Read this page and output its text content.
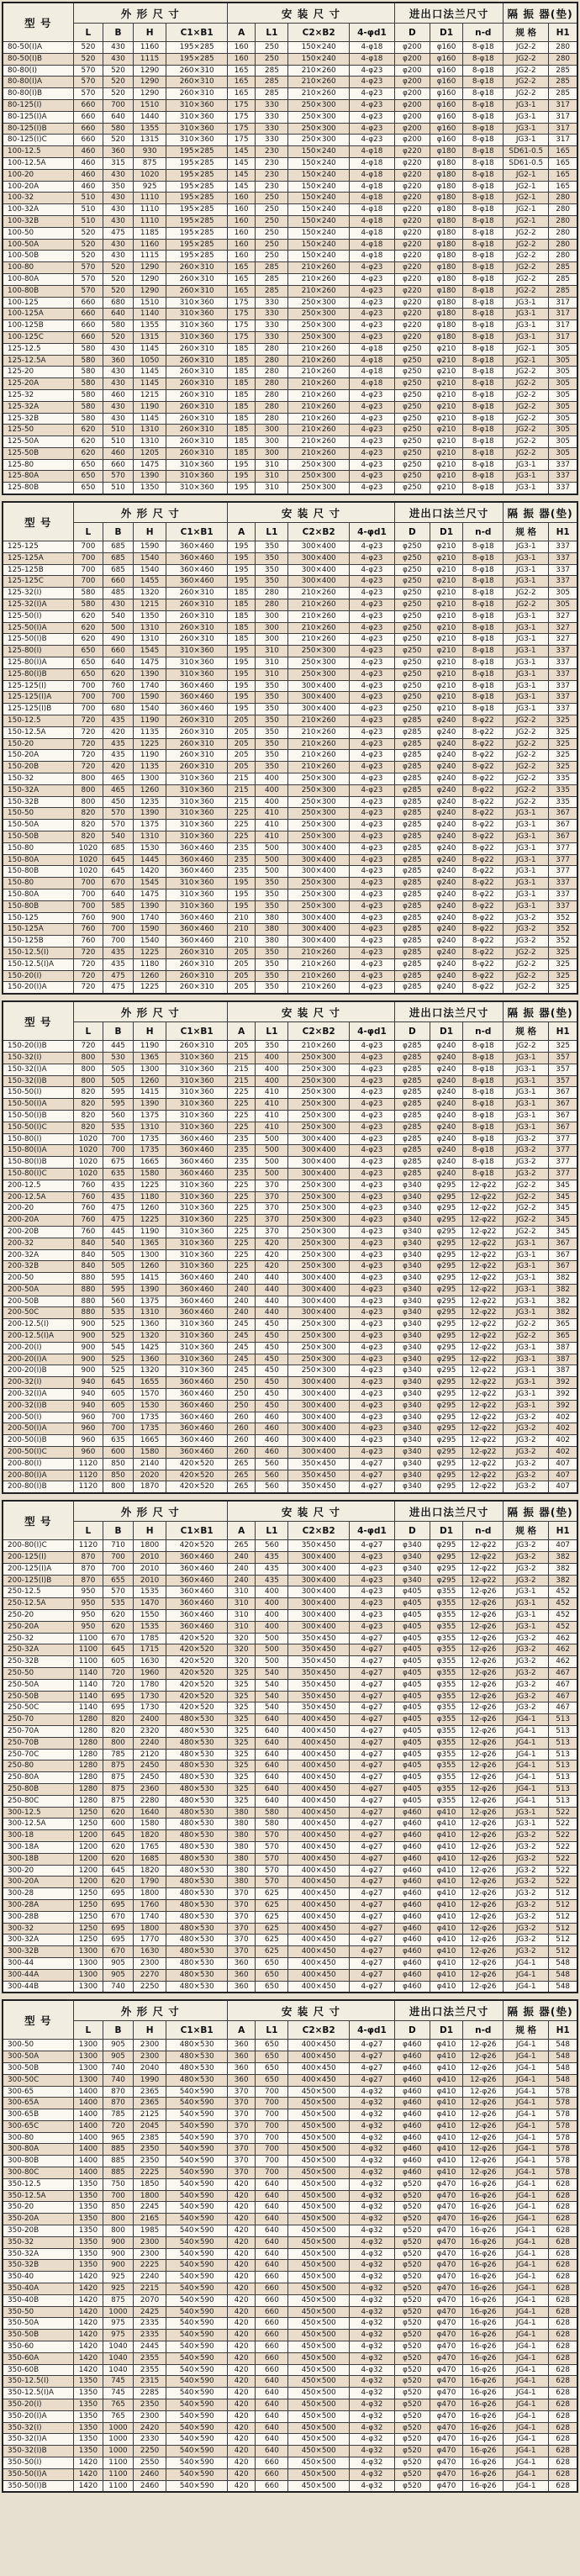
型 号	外 形 尺 寸				安 装 尺 寸				进出口法兰尺寸			隔 振 器(垫)	
	L	B	H	C1×B1	A	L1	C2×B2	4-φd1	D	D1	n-d	规 格	H1
80-50(I)A	520	430	1160	195×285	160	250	150×240	4-φ18	φ200	φ160	8-φ18	JG2-2	280
80-50(I)B	520	430	1115	195×285	160	250	150×240	4-φ18	φ200	φ160	8-φ18	JG2-2	280
80-80(I)	570	520	1290	260×310	165	285	210×260	4-φ23	φ200	φ160	8-φ18	JG2-2	285
80-80(I)A	570	520	1290	260×310	165	285	210×260	4-φ23	φ200	φ160	8-φ18	JG2-2	285
80-80(I)B	570	520	1290	260×310	165	285	210×260	4-φ23	φ200	φ160	8-φ18	JG2-2	285
80-125(I)	660	700	1510	310×360	175	330	250×300	4-φ23	φ200	φ160	8-φ18	JG3-1	317
80-125(I)A	660	640	1440	310×360	175	330	250×300	4-φ23	φ200	φ160	8-φ18	JG3-1	317
80-125(I)B	660	580	1355	310×360	175	330	250×300	4-φ23	φ200	φ160	8-φ18	JG3-1	317
80-125(I)C	660	520	1315	310×360	175	330	250×300	4-φ23	φ200	φ160	8-φ18	JG3-1	317
100-12.5	460	360	930	195×285	145	230	150×240	4-φ18	φ220	φ180	8-φ18	SD61-0.5	165
100-12.5A	460	315	875	195×285	145	230	150×240	4-φ18	φ220	φ180	8-φ18	SD61-0.5	165
100-20	460	430	1020	195×285	145	230	150×240	4-φ18	φ220	φ180	8-φ18	JG2-1	165
100-20A	460	350	925	195×285	145	230	150×240	4-φ18	φ220	φ180	8-φ18	JG2-1	165
100-32	510	430	1110	195×285	160	250	150×240	4-φ18	φ220	φ180	8-φ18	JG2-1	280
100-32A	510	430	1110	195×285	160	250	150×240	4-φ18	φ220	φ180	8-φ18	JG2-1	280
100-32B	510	430	1110	195×285	160	250	150×240	4-φ18	φ220	φ180	8-φ18	JG2-1	280
100-50	520	475	1185	195×285	160	250	150×240	4-φ18	φ220	φ180	8-φ18	JG2-2	280
100-50A	520	430	1160	195×285	160	250	150×240	4-φ18	φ220	φ180	8-φ18	JG2-2	280
100-50B	520	430	1115	195×285	160	250	150×240	4-φ18	φ220	φ180	8-φ18	JG2-2	280
100-80	570	520	1290	260×310	165	285	210×260	4-φ23	φ220	φ180	8-φ18	JG2-2	285
100-80A	570	520	1290	260×310	165	285	210×260	4-φ23	φ220	φ180	8-φ18	JG2-2	285
100-80B	570	520	1290	260×310	165	285	210×260	4-φ23	φ220	φ180	8-φ18	JG2-2	285
100-125	660	680	1510	310×360	175	330	250×300	4-φ23	φ220	φ180	8-φ18	JG3-1	317
100-125A	660	640	1140	310×360	175	330	250×300	4-φ23	φ220	φ180	8-φ18	JG3-1	317
100-125B	660	580	1355	310×360	175	330	250×300	4-φ23	φ220	φ180	8-φ18	JG3-1	317
100-125C	660	520	1315	310×360	175	330	250×300	4-φ23	φ220	φ180	8-φ18	JG3-1	317
125-12.5	580	430	1145	260×310	185	280	210×260	4-φ18	φ250	φ210	8-φ18	JG2-1	305
125-12.5A	580	360	1050	260×310	185	280	210×260	4-φ18	φ250	φ210	8-φ18	JG2-1	305
125-20	580	430	1145	260×310	185	280	210×260	4-φ18	φ250	φ210	8-φ18	JG2-2	305
125-20A	580	430	1145	260×310	185	280	210×260	4-φ18	φ250	φ210	8-φ18	JG2-2	305
125-32	580	460	1215	260×310	185	280	210×260	4-φ23	φ250	φ210	8-φ18	JG2-2	305
125-32A	580	430	1190	260×310	185	280	210×260	4-φ23	φ250	φ210	8-φ18	JG2-2	305
125-32B	580	430	1145	260×310	185	280	210×260	4-φ23	φ250	φ210	8-φ18	JG2-2	305
125-50	620	510	1310	260×310	185	300	210×260	4-φ23	φ250	φ210	8-φ18	JG2-2	305
125-50A	620	510	1310	260×310	185	300	210×260	4-φ23	φ250	φ210	8-φ18	JG2-2	305
125-50B	620	460	1205	260×310	185	300	210×260	4-φ23	φ250	φ210	8-φ18	JG2-2	305
125-80	650	660	1475	310×360	195	310	250×300	4-φ23	φ250	φ210	8-φ18	JG3-1	337
125-80A	650	570	1390	310×360	195	310	250×300	4-φ23	φ250	φ210	8-φ18	JG3-1	337
125-80B	650	510	1350	310×360	195	310	250×300	4-φ23	φ250	φ210	8-φ18	JG3-1	337
型 号	外 形 尺 寸				安 装 尺 寸				进出口法兰尺寸			隔 振 器(垫)	
	L	B	H	C1×B1	A	L1	C2×B2	4-φd1	D	D1	n-d	规 格	H1
125-125	700	685	1590	360×460	195	350	300×400	4-φ23	φ250	φ210	8-φ18	JG3-1	337
125-125A	700	685	1540	360×460	195	350	300×400	4-φ23	φ250	φ210	8-φ18	JG3-1	337
125-125B	700	685	1540	360×460	195	350	300×400	4-φ23	φ250	φ210	8-φ18	JG3-1	337
125-125C	700	660	1455	360×460	195	350	300×400	4-φ23	φ250	φ210	8-φ18	JG3-1	337
125-32(I)	580	485	1320	260×310	185	280	210×260	4-φ23	φ250	φ210	8-φ18	JG2-2	305
125-32(I)A	580	430	1215	260×310	185	280	210×260	4-φ23	φ250	φ210	8-φ18	JG2-2	305
125-50(I)	620	540	1350	260×310	185	300	210×260	4-φ23	φ250	φ210	8-φ18	JG3-1	327
125-50(I)A	620	500	1310	260×310	185	300	210×260	4-φ23	φ250	φ210	8-φ18	JG3-1	327
125-50(I)B	620	490	1310	260×310	185	300	210×260	4-φ23	φ250	φ210	8-φ18	JG3-1	327
125-80(I)	650	660	1545	310×360	195	310	250×300	4-φ23	φ250	φ210	8-φ18	JG3-1	337
125-80(I)A	650	640	1475	310×360	195	310	250×300	4-φ23	φ250	φ210	8-φ18	JG3-1	337
125-80(I)B	650	620	1390	310×360	195	310	250×300	4-φ23	φ250	φ210	8-φ18	JG3-1	337
125-125(I)	700	760	1740	360×460	195	350	300×400	4-φ23	φ250	φ210	8-φ18	JG3-1	337
125-125(I)A	700	700	1590	360×460	195	350	300×400	4-φ23	φ250	φ210	8-φ18	JG3-1	337
125-125(I)B	700	680	1540	360×460	195	350	300×400	4-φ23	φ250	φ210	8-φ18	JG3-1	337
150-12.5	720	435	1190	260×310	205	350	210×260	4-φ23	φ285	φ240	8-φ22	JG2-2	325
150-12.5A	720	420	1135	260×310	205	350	210×260	4-φ23	φ285	φ240	8-φ22	JG2-2	325
150-20	720	435	1225	260×310	205	350	210×260	4-φ23	φ285	φ240	8-φ22	JG2-2	325
150-20A	720	435	1190	260×310	205	350	210×260	4-φ23	φ285	φ240	8-φ22	JG2-2	325
150-20B	720	420	1135	260×310	205	350	210×260	4-φ23	φ285	φ240	8-φ22	JG2-2	325
150-32	800	465	1300	310×360	215	400	250×300	4-φ23	φ285	φ240	8-φ22	JG2-2	335
150-32A	800	465	1260	310×360	215	400	250×300	4-φ23	φ285	φ240	8-φ22	JG2-2	335
150-32B	800	450	1235	310×360	215	400	250×300	4-φ23	φ285	φ240	8-φ22	JG2-2	335
150-50	820	570	1390	310×360	225	410	250×300	4-φ23	φ285	φ240	8-φ22	JG3-1	367
150-50A	820	570	1375	310×360	225	410	250×300	4-φ23	φ285	φ240	8-φ22	JG3-1	367
150-50B	820	540	1310	310×360	225	410	250×300	4-φ23	φ285	φ240	8-φ22	JG3-1	367
150-80	1020	685	1530	360×460	235	500	300×400	4-φ23	φ285	φ240	8-φ22	JG3-1	377
150-80A	1020	645	1445	360×460	235	500	300×400	4-φ23	φ285	φ240	8-φ22	JG3-1	377
150-80B	1020	645	1420	360×460	235	500	300×400	4-φ23	φ285	φ240	8-φ22	JG3-1	377
150-80	700	670	1545	310×360	195	350	250×300	4-φ23	φ285	φ240	8-φ22	JG3-1	337
150-80A	700	640	1475	310×360	195	350	250×300	4-φ23	φ285	φ240	8-φ22	JG3-1	337
150-80B	700	585	1390	310×360	195	350	250×300	4-φ23	φ285	φ240	8-φ22	JG3-1	337
150-125	760	900	1740	360×460	210	380	300×400	4-φ23	φ285	φ240	8-φ22	JG3-2	352
150-125A	760	700	1590	360×460	210	380	300×400	4-φ23	φ285	φ240	8-φ22	JG3-2	352
150-125B	760	700	1540	360×460	210	380	300×400	4-φ23	φ285	φ240	8-φ22	JG3-2	352
150-12.5(I)	720	435	1225	260×310	205	350	210×260	4-φ23	φ285	φ240	8-φ22	JG2-2	325
150-12.5(I)A	720	435	1180	260×310	205	350	210×260	4-φ23	φ285	φ240	8-φ22	JG2-2	325
150-20(I)	720	475	1260	260×310	205	350	210×260	4-φ23	φ285	φ240	8-φ22	JG2-2	325
150-20(I)A	720	475	1225	260×310	205	350	210×260	4-φ23	φ285	φ240	8-φ22	JG2-2	325
型 号	外 形 尺 寸				安 装 尺 寸				进出口法兰尺寸			隔 振 器(垫)	
	L	B	H	C1×B1	A	L1	C2×B2	4-φd1	D	D1	n-d	规 格	H1
150-20(I)B	720	445	1190	260×310	205	350	210×260	4-φ23	φ285	φ240	8-φ18	JG2-2	325
150-32(I)	800	530	1365	310×360	215	400	250×300	4-φ23	φ285	φ240	8-φ18	JG3-1	357
150-32(I)A	800	505	1300	310×360	215	400	250×300	4-φ23	φ285	φ240	8-φ18	JG3-1	357
150-32(I)B	800	505	1260	310×360	215	400	250×300	4-φ23	φ285	φ240	8-φ18	JG3-1	357
150-50(I)	820	595	1415	310×360	225	410	250×300	4-φ23	φ285	φ240	8-φ18	JG3-1	367
150-50(I)A	820	595	1390	310×360	225	410	250×300	4-φ23	φ285	φ240	8-φ18	JG3-1	367
150-50(I)B	820	560	1375	310×360	225	410	250×300	4-φ23	φ285	φ240	8-φ18	JG3-1	367
150-50(I)C	820	535	1310	310×360	225	410	250×300	4-φ23	φ285	φ240	8-φ18	JG3-1	367
150-80(I)	1020	700	1735	360×460	235	500	300×400	4-φ23	φ285	φ240	8-φ18	JG3-2	377
150-80(I)A	1020	700	1735	360×460	235	500	300×400	4-φ23	φ285	φ240	8-φ18	JG3-2	377
150-80(I)B	1020	675	1665	360×460	235	500	300×400	4-φ23	φ285	φ240	8-φ18	JG3-2	377
150-80(I)C	1020	635	1580	360×460	235	500	300×400	4-φ23	φ285	φ240	8-φ18	JG3-2	377
200-12.5	760	435	1225	310×360	225	370	250×300	4-φ23	φ340	φ295	12-φ22	JG2-2	345
200-12.5A	760	435	1180	310×360	225	370	250×300	4-φ23	φ340	φ295	12-φ22	JG2-2	345
200-20	760	475	1260	310×360	225	370	250×300	4-φ23	φ340	φ295	12-φ22	JG2-2	345
200-20A	760	475	1225	310×360	225	370	250×300	4-φ23	φ340	φ295	12-φ22	JG2-2	345
200-20B	760	445	1190	310×360	225	370	250×300	4-φ23	φ340	φ295	12-φ22	JG2-2	345
200-32	840	540	1365	310×360	225	420	250×300	4-φ23	φ340	φ295	12-φ22	JG3-1	367
200-32A	840	505	1300	310×360	225	420	250×300	4-φ23	φ340	φ295	12-φ22	JG3-1	367
200-32B	840	505	1260	310×360	225	420	250×300	4-φ23	φ340	φ295	12-φ22	JG3-1	367
200-50	880	595	1415	360×460	240	440	300×400	4-φ23	φ340	φ295	12-φ22	JG3-1	382
200-50A	880	595	1390	360×460	240	440	300×400	4-φ23	φ340	φ295	12-φ22	JG3-1	382
200-50B	880	560	1375	360×460	240	440	300×400	4-φ23	φ340	φ295	12-φ22	JG3-1	382
200-50C	880	535	1310	360×460	240	440	300×400	4-φ23	φ340	φ295	12-φ22	JG3-1	382
200-12.5(I)	900	525	1360	310×360	245	450	250×300	4-φ23	φ340	φ295	12-φ22	JG2-2	365
200-12.5(I)A	900	525	1320	310×360	245	450	250×300	4-φ23	φ340	φ295	12-φ22	JG2-2	365
200-20(I)	900	545	1425	310×360	245	450	250×300	4-φ23	φ340	φ295	12-φ22	JG3-1	387
200-20(I)A	900	525	1360	310×360	245	450	250×300	4-φ23	φ340	φ295	12-φ22	JG3-1	387
200-20(I)B	900	525	1320	310×360	245	450	250×300	4-φ23	φ340	φ295	12-φ22	JG3-1	387
200-32(I)	940	645	1655	360×460	250	450	300×400	4-φ23	φ340	φ295	12-φ22	JG3-1	392
200-32(I)A	940	605	1570	360×460	250	450	300×400	4-φ23	φ340	φ295	12-φ22	JG3-1	392
200-32(I)B	940	605	1530	360×460	250	450	300×400	4-φ23	φ340	φ295	12-φ22	JG3-1	392
200-50(I)	960	700	1735	360×460	260	460	300×400	4-φ23	φ340	φ295	12-φ22	JG3-2	402
200-50(I)A	960	700	1735	360×460	260	460	300×400	4-φ23	φ340	φ295	12-φ22	JG3-2	402
200-50(I)B	960	635	1665	360×460	260	460	300×400	4-φ23	φ340	φ295	12-φ22	JG3-2	402
200-50(I)C	960	600	1580	360×460	260	460	300×400	4-φ23	φ340	φ295	12-φ22	JG3-2	402
200-80(I)	1120	850	2140	420×520	265	560	350×450	4-φ27	φ340	φ295	12-φ22	JG3-2	407
200-80(I)A	1120	850	2020	420×520	265	560	350×450	4-φ27	φ340	φ295	12-φ22	JG3-2	407
200-80(I)B	1120	800	1870	420×520	265	560	350×450	4-φ27	φ340	φ295	12-φ22	JG3-2	407
型 号	外 形 尺 寸				安 装 尺 寸				进出口法兰尺寸			隔 振 器(垫)	
	L	B	H	C1×B1	A	L1	C2×B2	4-φd1	D	D1	n-d	规 格	H1
200-80(I)C	1120	710	1800	420×520	265	560	350×450	4-φ27	φ340	φ295	12-φ22	JG3-2	407
200-125(I)	870	700	2010	360×460	240	435	300×400	4-φ23	φ340	φ295	12-φ22	JG3-2	382
200-125(I)A	870	700	2010	360×460	240	435	300×400	4-φ23	φ340	φ295	12-φ22	JG3-2	382
200-125(I)B	870	655	2010	360×460	240	435	300×400	4-φ23	φ340	φ295	12-φ22	JG3-2	382
250-12.5	950	570	1535	360×460	310	400	300×400	4-φ23	φ405	φ355	12-φ26	JG3-1	452
250-12.5A	950	535	1470	360×460	310	400	300×400	4-φ23	φ405	φ355	12-φ26	JG3-1	452
250-20	950	620	1550	360×460	310	400	300×400	4-φ23	φ405	φ355	12-φ26	JG3-1	452
250-20A	950	620	1535	360×460	310	400	300×400	4-φ23	φ405	φ355	12-φ26	JG3-1	452
250-32	1100	670	1785	420×520	320	500	350×450	4-φ27	φ405	φ355	12-φ26	JG3-2	462
250-32A	1100	645	1715	420×520	320	500	350×450	4-φ27	φ405	φ355	12-φ26	JG3-2	462
250-32B	1100	605	1630	420×520	320	500	350×450	4-φ27	φ405	φ355	12-φ26	JG3-2	462
250-50	1140	720	1960	420×520	325	540	350×450	4-φ27	φ405	φ355	12-φ26	JG3-2	467
250-50A	1140	720	1780	420×520	325	540	350×450	4-φ27	φ405	φ355	12-φ26	JG3-2	467
250-50B	1140	695	1730	420×520	325	540	350×450	4-φ27	φ405	φ355	12-φ26	JG3-2	467
250-50C	1140	695	1730	420×520	325	540	350×450	4-φ27	φ405	φ355	12-φ26	JG3-2	467
250-70	1280	820	2400	480×530	325	640	400×450	4-φ27	φ405	φ355	12-φ26	JG4-1	513
250-70A	1280	820	2320	480×530	325	640	400×450	4-φ27	φ405	φ355	12-φ26	JG4-1	513
250-70B	1280	800	2240	480×530	325	640	400×450	4-φ27	φ405	φ355	12-φ26	JG4-1	513
250-70C	1280	785	2120	480×530	325	640	400×450	4-φ27	φ405	φ355	12-φ26	JG4-1	513
250-80	1280	875	2450	480×530	325	640	400×450	4-φ27	φ405	φ355	12-φ26	JG4-1	513
250-80A	1280	875	2450	480×530	325	640	400×450	4-φ27	φ405	φ355	12-φ26	JG4-1	513
250-80B	1280	875	2360	480×530	325	640	400×450	4-φ27	φ405	φ355	12-φ26	JG4-1	513
250-80C	1280	875	2280	480×530	325	640	400×450	4-φ27	φ405	φ355	12-φ26	JG4-1	513
300-12.5	1250	620	1640	480×530	380	580	400×450	4-φ27	φ460	φ410	12-φ26	JG3-1	522
300-12.5A	1250	600	1580	480×530	380	580	400×450	4-φ27	φ460	φ410	12-φ26	JG3-1	522
300-18	1200	645	1820	480×530	380	570	400×450	4-φ27	φ460	φ410	12-φ26	JG3-2	522
300-18A	1200	620	1765	480×530	380	570	400×450	4-φ27	φ460	φ410	12-φ26	JG3-2	522
300-18B	1200	620	1685	480×530	380	570	400×450	4-φ27	φ460	φ410	12-φ26	JG3-2	522
300-20	1200	645	1820	480×530	380	570	400×450	4-φ27	φ460	φ410	12-φ26	JG3-2	522
300-20A	1200	620	1790	480×530	380	570	400×450	4-φ27	φ460	φ410	12-φ26	JG3-2	522
300-28	1250	695	1800	480×530	370	625	400×450	4-φ27	φ460	φ410	12-φ26	JG3-2	512
300-28A	1250	695	1760	480×530	370	625	400×450	4-φ27	φ460	φ410	12-φ26	JG3-2	512
300-28B	1250	670	1740	480×530	370	625	400×450	4-φ27	φ460	φ410	12-φ26	JG3-2	512
300-32	1250	695	1800	480×530	370	625	400×450	4-φ27	φ460	φ410	12-φ26	JG3-2	512
300-32A	1250	695	1770	480×530	370	625	400×450	4-φ27	φ460	φ410	12-φ26	JG3-2	512
300-32B	1300	670	1630	480×530	370	625	400×450	4-φ27	φ460	φ410	12-φ26	JG3-2	512
300-44	1300	905	2300	480×530	360	650	400×450	4-φ27	φ460	φ410	12-φ26	JG4-1	548
300-44A	1300	905	2270	480×530	360	650	400×450	4-φ27	φ460	φ410	12-φ26	JG4-1	548
300-44B	1300	740	2250	480×530	360	650	400×450	4-φ27	φ460	φ410	12-φ26	JG4-1	548
型 号	外 形 尺 寸				安 装 尺 寸				进出口法兰尺寸			隔 振 器(垫)	
	L	B	H	C1×B1	A	L1	C2×B2	4-φd1	D	D1	n-d	规 格	H1
300-50	1300	905	2300	480×530	360	650	400×450	4-φ27	φ460	φ410	12-φ26	JG4-1	548
300-50A	1300	905	2300	480×530	360	650	400×450	4-φ27	φ460	φ410	12-φ26	JG4-1	548
300-50B	1300	740	2040	480×530	360	650	400×450	4-φ27	φ460	φ410	12-φ26	JG4-1	548
300-50C	1300	740	1990	480×530	360	650	400×450	4-φ27	φ460	φ410	12-φ26	JG4-1	548
300-65	1400	870	2365	540×590	370	700	450×500	4-φ32	φ460	φ410	12-φ26	JG4-1	578
300-65A	1400	870	2365	540×590	370	700	450×500	4-φ32	φ460	φ410	12-φ26	JG4-1	578
300-65B	1400	785	2125	540×590	370	700	450×500	4-φ32	φ460	φ410	12-φ26	JG4-1	578
300-65C	1400	720	2045	540×590	370	700	450×500	4-φ32	φ460	φ410	12-φ26	JG4-1	578
300-80	1400	965	2385	540×590	370	700	450×500	4-φ32	φ460	φ410	12-φ26	JG4-1	578
300-80A	1400	885	2350	540×590	370	700	450×500	4-φ32	φ460	φ410	12-φ26	JG4-1	578
300-80B	1400	885	2350	540×590	370	700	450×500	4-φ32	φ460	φ410	12-φ26	JG4-1	578
300-80C	1400	885	2225	540×590	370	700	450×500	4-φ32	φ460	φ410	12-φ26	JG4-1	578
350-12.5	1350	750	1850	540×590	420	640	450×500	4-φ32	φ520	φ470	16-φ26	JG4-1	628
350-12.5A	1350	700	1800	540×590	420	640	450×500	4-φ32	φ520	φ470	16-φ26	JG4-1	628
350-20	1350	850	2245	540×590	420	640	450×500	4-φ32	φ520	φ470	16-φ26	JG4-1	628
350-20A	1350	800	2165	540×590	420	640	450×500	4-φ32	φ520	φ470	16-φ26	JG4-1	628
350-20B	1350	800	1985	540×590	420	640	450×500	4-φ32	φ520	φ470	16-φ26	JG4-1	628
350-32	1350	900	2300	540×590	420	640	450×500	4-φ32	φ520	φ470	16-φ26	JG4-1	628
350-32A	1350	900	2300	540×590	420	640	450×500	4-φ32	φ520	φ470	16-φ26	JG4-1	628
350-32B	1350	900	2225	540×590	420	640	450×500	4-φ32	φ520	φ470	16-φ26	JG4-1	628
350-40	1420	925	2240	540×590	420	660	450×500	4-φ32	φ520	φ470	16-φ26	JG4-1	628
350-40A	1420	925	2215	540×590	420	660	450×500	4-φ32	φ520	φ470	16-φ26	JG4-1	628
350-40B	1420	875	2070	540×590	420	660	450×500	4-φ32	φ520	φ470	16-φ26	JG4-1	628
350-50	1420	1000	2425	540×590	420	660	450×500	4-φ32	φ520	φ470	16-φ26	JG4-1	628
350-50A	1420	975	2335	540×590	420	660	450×500	4-φ32	φ520	φ470	16-φ26	JG4-1	628
350-50B	1420	975	2335	540×590	420	660	450×500	4-φ32	φ520	φ470	16-φ26	JG4-1	628
350-60	1420	1040	2445	540×590	420	660	450×500	4-φ32	φ520	φ470	16-φ26	JG4-1	628
350-60A	1420	1040	2355	540×590	420	660	450×500	4-φ32	φ520	φ470	16-φ26	JG4-1	628
350-60B	1420	1040	2355	540×590	420	660	450×500	4-φ32	φ520	φ470	16-φ26	JG4-1	628
350-12.5(I)	1350	745	2315	540×590	420	640	450×500	4-φ32	φ520	φ470	16-φ26	JG4-1	628
350-12.5(I)A	1350	745	2285	540×590	420	640	450×500	4-φ32	φ520	φ470	16-φ26	JG4-1	628
350-20(I)	1350	765	2350	540×590	420	640	450×500	4-φ32	φ520	φ470	16-φ26	JG4-1	628
350-20(I)A	1350	765	2300	540×590	420	640	450×500	4-φ32	φ520	φ470	16-φ26	JG4-1	628
350-32(I)	1350	1000	2420	540×590	420	640	450×500	4-φ32	φ520	φ470	16-φ26	JG4-1	628
350-32(I)A	1350	1000	2330	540×590	420	640	450×500	4-φ32	φ520	φ470	16-φ26	JG4-1	628
350-32(I)B	1350	1000	2250	540×590	420	640	450×500	4-φ32	φ520	φ470	16-φ26	JG4-1	628
350-50(I)	1420	1100	2550	540×590	420	660	450×500	4-φ32	φ520	φ470	16-φ26	JG4-1	628
350-50(I)A	1420	1100	2460	540×590	420	660	450×500	4-φ32	φ520	φ470	16-φ26	JG4-1	628
350-50(I)B	1420	1100	2460	540×590	420	660	450×500	4-φ32	φ520	φ470	16-φ26	JG4-1	628
